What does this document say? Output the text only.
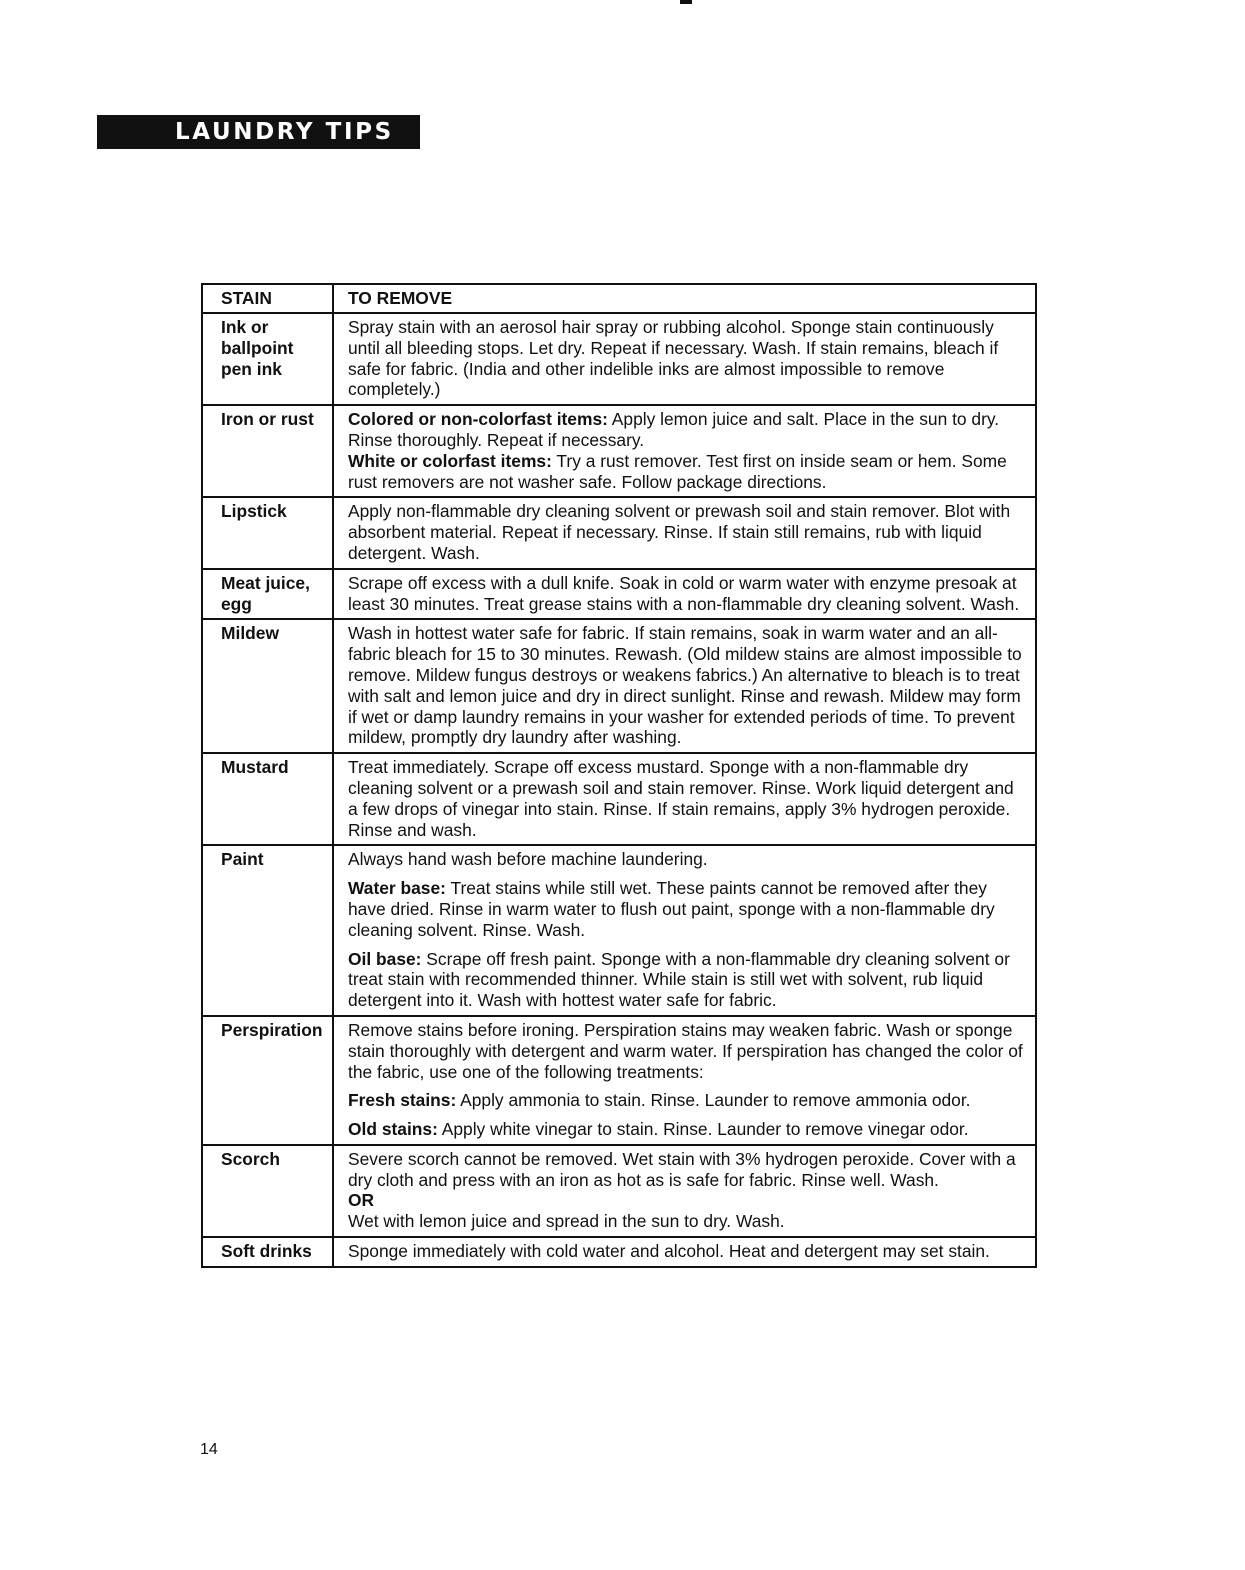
LAUNDRY TIPS
STAIN	TO REMOVE
Ink or ballpoint pen ink	Spray stain with an aerosol hair spray or rubbing alcohol. Sponge stain continuously until all bleeding stops. Let dry. Repeat if necessary. Wash. If stain remains, bleach if safe for fabric. (India and other indelible inks are almost impossible to remove completely.)

Iron or rust	Colored or non-colorfast items: Apply lemon juice and salt. Place in the sun to dry. Rinse thoroughly. Repeat if necessary.

White or colorfast items: Try a rust remover. Test first on inside seam or hem. Some rust removers are not washer safe. Follow package directions.

Lipstick	Apply non-flammable dry cleaning solvent or prewash soil and stain remover. Blot with absorbent material. Repeat if necessary. Rinse. If stain still remains, rub with liquid detergent. Wash.

Meat juice, egg	Scrape off excess with a dull knife. Soak in cold or warm water with enzyme presoak at least 30 minutes. Treat grease stains with a non-flammable dry cleaning solvent. Wash.

Mildew	Wash in hottest water safe for fabric. If stain remains, soak in warm water and an all-fabric bleach for 15 to 30 minutes. Rewash. (Old mildew stains are almost impossible to remove. Mildew fungus destroys or weakens fabrics.) An alternative to bleach is to treat with salt and lemon juice and dry in direct sunlight. Rinse and rewash. Mildew may form if wet or damp laundry remains in your washer for extended periods of time. To prevent mildew, promptly dry laundry after washing.

Mustard	Treat immediately. Scrape off excess mustard. Sponge with a non-flammable dry cleaning solvent or a prewash soil and stain remover. Rinse. Work liquid detergent and a few drops of vinegar into stain. Rinse. If stain remains, apply 3% hydrogen peroxide. Rinse and wash.

Paint	Always hand wash before machine laundering.

Water base: Treat stains while still wet. These paints cannot be removed after they have dried. Rinse in warm water to flush out paint, sponge with a non-flammable dry cleaning solvent. Rinse. Wash.

Oil base: Scrape off fresh paint. Sponge with a non-flammable dry cleaning solvent or treat stain with recommended thinner. While stain is still wet with solvent, rub liquid detergent into it. Wash with hottest water safe for fabric.

Perspiration	Remove stains before ironing. Perspiration stains may weaken fabric. Wash or sponge stain thoroughly with detergent and warm water. If perspiration has changed the color of the fabric, use one of the following treatments:

Fresh stains: Apply ammonia to stain. Rinse. Launder to remove ammonia odor.

Old stains: Apply white vinegar to stain. Rinse. Launder to remove vinegar odor.

Scorch	Severe scorch cannot be removed. Wet stain with 3% hydrogen peroxide. Cover with a dry cloth and press with an iron as hot as is safe for fabric. Rinse well. Wash.

OR

Wet with lemon juice and spread in the sun to dry. Wash.

Soft drinks	Sponge immediately with cold water and alcohol. Heat and detergent may set stain.

14
